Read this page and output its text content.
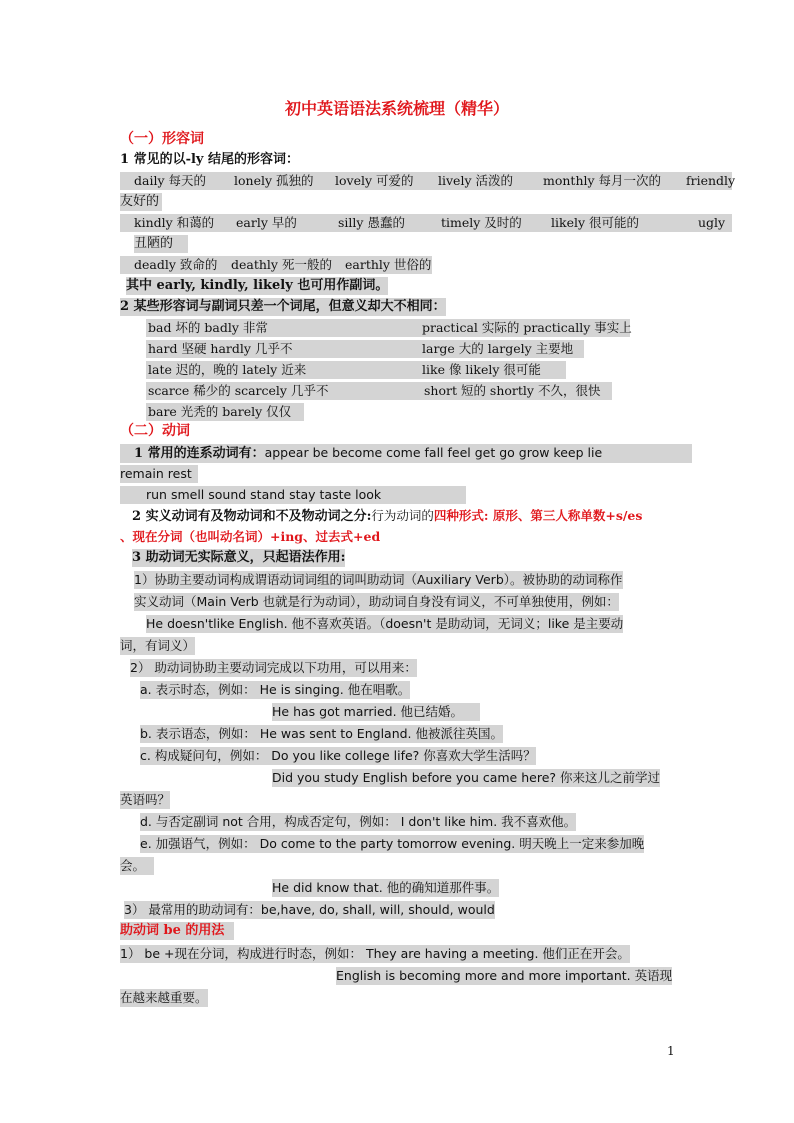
初中英语语法系统梳理（精华）
（一）形容词
1 常见的以-ly 结尾的形容词：
daily 每天的 lonely 孤独的 lovely 可爱的 lively 活泼的 monthly 每月一次的 friendly
友好的
kindly 和蔼的 early 早的	silly 愚蠢的	timely 及时的 likely 很可能的	ugly
丑陋的
deadly 致命的 deathly 死一般的 earthly 世俗的
其中 early, kindly, likely 也可用作副词。
2 某些形容词与副词只差一个词尾，但意义却大不相同：
bad 坏的 badly 非常	practical 实际的 practically 事实上
hard 坚硬 hardly 几乎不	large 大的 largely 主要地
late 迟的，晚的 lately 近来	like 像 likely 很可能
scarce 稀少的 scarcely 几乎不	short 短的 shortly 不久，很快
bare 光秃的 barely 仅仅
（二）动词
1 常用的连系动词有：appear be become come fall feel get go grow keep lie
remain rest
run smell sound stand stay taste look
2 实义动词有及物动词和不及物动词之分:行为动词的四种形式: 原形、第三人称单数+s/es
、现在分词（也叫动名词）+ing、过去式+ed
3 助动词无实际意义，只起语法作用:
1）协助主要动词构成谓语动词词组的词叫助动词（Auxiliary Verb）。被协助的动词称作
实义动词（Main Verb 也就是行为动词），助动词自身没有词义，不可单独使用，例如：
He doesn'tlike English. 他不喜欢英语。（doesn't 是助动词，无词义；like 是主要动
词，有词义）
2） 助动词协助主要动词完成以下功用，可以用来：
a. 表示时态，例如： He is singing. 他在唱歌。
He has got married. 他已结婚。
b. 表示语态，例如： He was sent to England. 他被派往英国。
c. 构成疑问句，例如： Do you like college life? 你喜欢大学生活吗？
Did you study English before you came here? 你来这儿之前学过
英语吗？
d. 与否定副词 not 合用，构成否定句，例如： I don't like him. 我不喜欢他。
e. 加强语气，例如： Do come to the party tomorrow evening. 明天晚上一定来参加晚
会。
He did know that. 他的确知道那件事。
3） 最常用的助动词有：be,have, do, shall, will, should, would
助动词 be 的用法
1） be +现在分词，构成进行时态，例如： They are having a meeting. 他们正在开会。
English is becoming more and more important. 英语现
在越来越重要。
1
